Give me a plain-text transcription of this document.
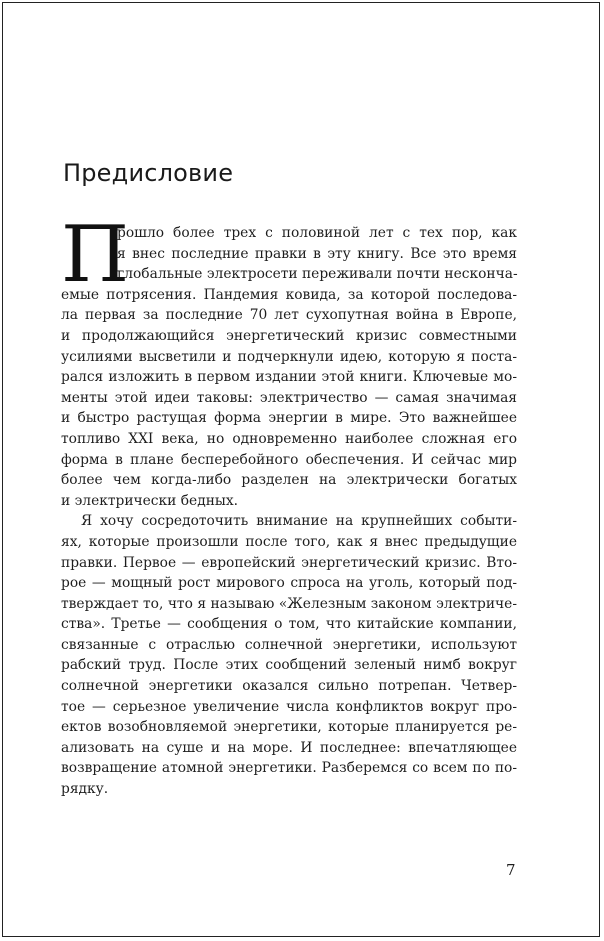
Предисловие
П
рошло более трех с половиной лет с тех пор, как
я внес последние правки в эту книгу. Все это время
глобальные электросети переживали почти несконча-
емые потрясения. Пандемия ковида, за которой последова-
ла первая за последние 70 лет сухопутная война в Европе,
и продолжающийся энергетический кризис совместными
усилиями высветили и подчеркнули идею, которую я поста-
рался изложить в первом издании этой книги. Ключевые мо-
менты этой идеи таковы: электричество — самая значимая
и быстро растущая форма энергии в мире. Это важнейшее
топливо XXI века, но одновременно наиболее сложная его
форма в плане бесперебойного обеспечения. И сейчас мир
более чем когда-либо разделен на электрически богатых
и электрически бедных.
Я хочу сосредоточить внимание на крупнейших событи-
ях, которые произошли после того, как я внес предыдущие
правки. Первое — европейский энергетический кризис. Вто-
рое — мощный рост мирового спроса на уголь, который под-
тверждает то, что я называю «Железным законом электриче-
ства». Третье — сообщения о том, что китайские компании,
связанные с отраслью солнечной энергетики, используют
рабский труд. После этих сообщений зеленый нимб вокруг
солнечной энергетики оказался сильно потрепан. Четвер-
тое — серьезное увеличение числа конфликтов вокруг про-
ектов возобновляемой энергетики, которые планируется ре-
ализовать на суше и на море. И последнее: впечатляющее
возвращение атомной энергетики. Разберемся со всем по по-
рядку.
7
